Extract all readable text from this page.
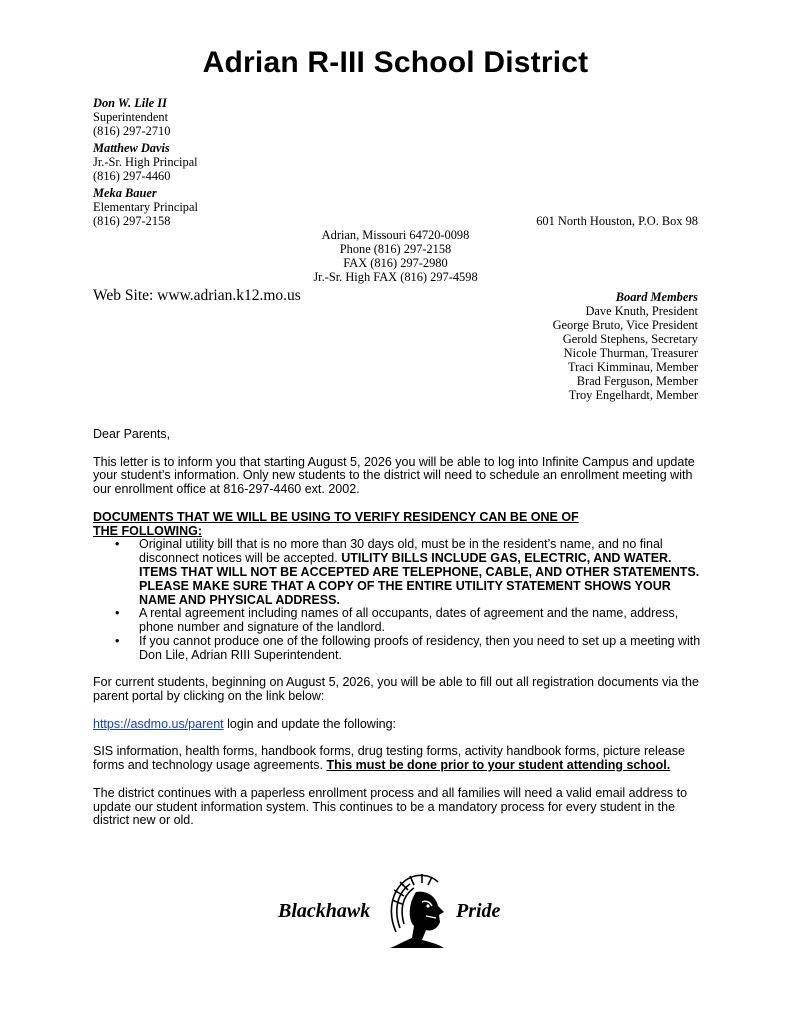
Adrian R-III School District
Don W. Lile II
Superintendent
(816) 297-2710
Matthew Davis
Jr.-Sr. High Principal
(816) 297-4460
Meka Bauer
Elementary Principal
(816) 297-2158	601 North Houston, P.O. Box 98
Adrian, Missouri 64720-0098
Phone (816) 297-2158
FAX (816) 297-2980
Jr.-Sr. High FAX (816) 297-4598
Web Site: www.adrian.k12.mo.us	Board Members
Dave Knuth, President
George Bruto, Vice President
Gerold Stephens, Secretary
Nicole Thurman, Treasurer
Traci Kimminau, Member
Brad Ferguson, Member
Troy Engelhardt, Member

Dear Parents,

This letter is to inform you that starting August 5, 2026 you will be able to log into Infinite Campus and update your student’s information. Only new students to the district will need to schedule an enrollment meeting with our enrollment office at 816-297-4460 ext. 2002.

DOCUMENTS THAT WE WILL BE USING TO VERIFY RESIDENCY CAN BE ONE OF THE FOLLOWING:

• Original utility bill that is no more than 30 days old, must be in the resident’s name, and no final disconnect notices will be accepted. UTILITY BILLS INCLUDE GAS, ELECTRIC, AND WATER. ITEMS THAT WILL NOT BE ACCEPTED ARE TELEPHONE, CABLE, AND OTHER STATEMENTS. PLEASE MAKE SURE THAT A COPY OF THE ENTIRE UTILITY STATEMENT SHOWS YOUR NAME AND PHYSICAL ADDRESS.
• A rental agreement including names of all occupants, dates of agreement and the name, address, phone number and signature of the landlord.
• If you cannot produce one of the following proofs of residency, then you need to set up a meeting with Don Lile, Adrian RIII Superintendent.

For current students, beginning on August 5, 2026, you will be able to fill out all registration documents via the parent portal by clicking on the link below:

https://asdmo.us/parent login and update the following:

SIS information, health forms, handbook forms, drug testing forms, activity handbook forms, picture release forms and technology usage agreements. This must be done prior to your student attending school.

The district continues with a paperless enrollment process and all families will need a valid email address to update our student information system. This continues to be a mandatory process for every student in the district new or old.

Blackhawk	Pride
